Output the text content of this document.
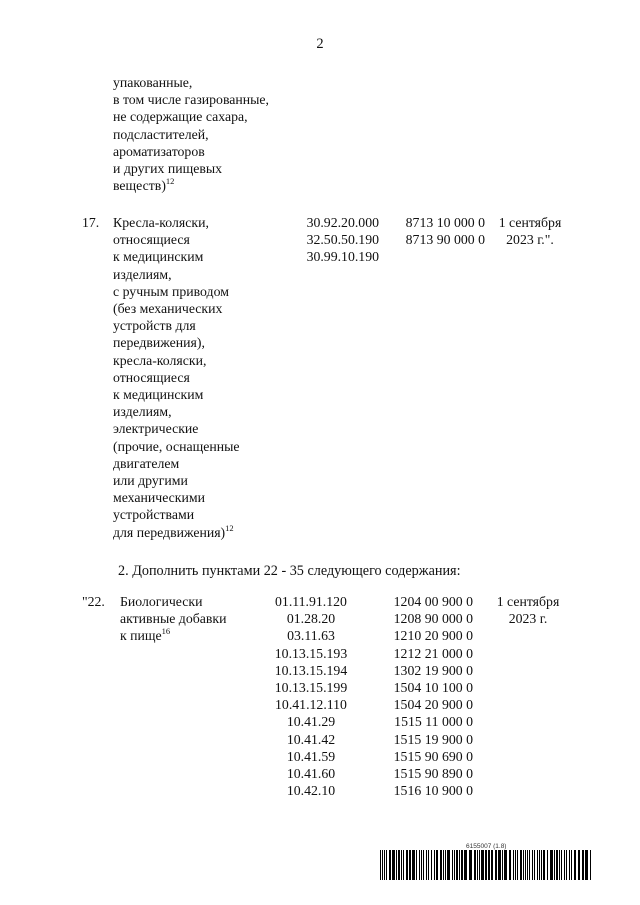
2
упакованные,
в том числе газированные,
не содержащие сахара,
подсластителей,
ароматизаторов
и других пищевых
веществ)$^{12}$
17. Кресла-коляски,
относящиеся
к медицинским
изделиям,
с ручным приводом
(без механических
устройств для
передвижения),
кресла-коляски,
относящиеся
к медицинским
изделиям,
электрические
(прочие, оснащенные
двигателем
или другими
механическими
устройствами
для передвижения)$^{12}$
30.92.20.000
32.50.50.190
30.99.10.190
8713 10 000 0
8713 90 000 0
1 сентября
2023 г.".
2. Дополнить пунктами 22 - 35 следующего содержания:
"22. Биологически
активные добавки
к пище$^{16}$
01.11.91.120
01.28.20
03.11.63
10.13.15.193
10.13.15.194
10.13.15.199
10.41.12.110
10.41.29
10.41.42
10.41.59
10.41.60
10.42.10
1204 00 900 0
1208 90 000 0
1210 20 900 0
1212 21 000 0
1302 19 900 0
1504 10 100 0
1504 20 900 0
1515 11 000 0
1515 19 900 0
1515 90 690 0
1515 90 890 0
1516 10 900 0
1 сентября
2023 г.
6155007 (1.8)
